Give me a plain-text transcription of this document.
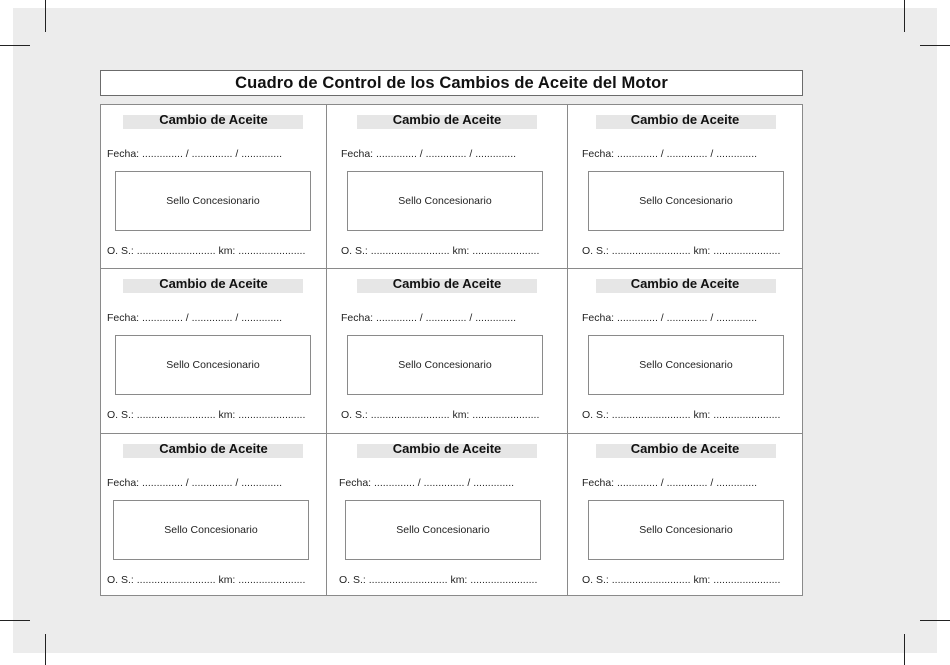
Cuadro de Control de los Cambios de Aceite del Motor
Cambio de Aceite
Fecha: .............. / .............. / ..............
Sello Concesionario
O. S.: ........................... km: .......................
Cambio de Aceite
Fecha: .............. / .............. / ..............
Sello Concesionario
O. S.: ........................... km: .......................
Cambio de Aceite
Fecha: .............. / .............. / ..............
Sello Concesionario
O. S.: ........................... km: .......................
Cambio de Aceite
Fecha: .............. / .............. / ..............
Sello Concesionario
O. S.: ........................... km: .......................
Cambio de Aceite
Fecha: .............. / .............. / ..............
Sello Concesionario
O. S.: ........................... km: .......................
Cambio de Aceite
Fecha: .............. / .............. / ..............
Sello Concesionario
O. S.: ........................... km: .......................
Cambio de Aceite
Fecha: .............. / .............. / ..............
Sello Concesionario
O. S.: ........................... km: .......................
Cambio de Aceite
Fecha: .............. / .............. / ..............
Sello Concesionario
O. S.: ........................... km: .......................
Cambio de Aceite
Fecha: .............. / .............. / ..............
Sello Concesionario
O. S.: ........................... km: .......................
